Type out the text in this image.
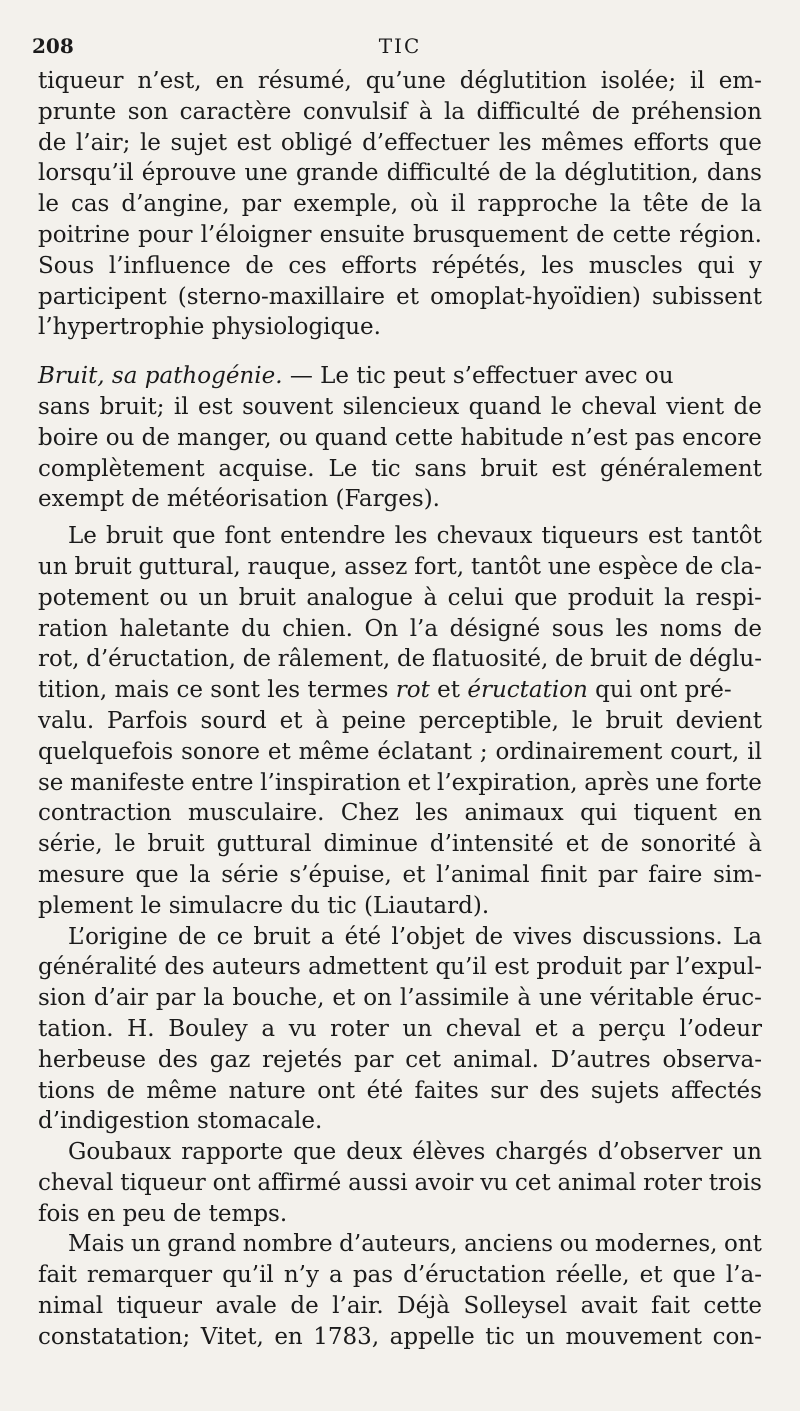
208	TIC
tiqueur n’est, en résumé, qu’une déglutition isolée; il em-
prunte son caractère convulsif à la difficulté de préhension
de l’air; le sujet est obligé d’effectuer les mêmes efforts que
lorsqu’il éprouve une grande difficulté de la déglutition, dans
le cas d’angine, par exemple, où il rapproche la tête de la
poitrine pour l’éloigner ensuite brusquement de cette région.
Sous l’influence de ces efforts répétés, les muscles qui y
participent (sterno-maxillaire et omoplat-hyoïdien) subissent
l’hypertrophie physiologique.
Bruit, sa pathogénie. — Le tic peut s’effectuer avec ou
sans bruit; il est souvent silencieux quand le cheval vient de
boire ou de manger, ou quand cette habitude n’est pas encore
complètement acquise. Le tic sans bruit est généralement
exempt de météorisation (Farges).
Le bruit que font entendre les chevaux tiqueurs est tantôt
un bruit guttural, rauque, assez fort, tantôt une espèce de cla-
potement ou un bruit analogue à celui que produit la respi-
ration haletante du chien. On l’a désigné sous les noms de
rot, d’éructation, de râlement, de flatuosité, de bruit de déglu-
tition, mais ce sont les termes rot et éructation qui ont pré-
valu. Parfois sourd et à peine perceptible, le bruit devient
quelquefois sonore et même éclatant ; ordinairement court, il
se manifeste entre l’inspiration et l’expiration, après une forte
contraction musculaire. Chez les animaux qui tiquent en
série, le bruit guttural diminue d’intensité et de sonorité à
mesure que la série s’épuise, et l’animal finit par faire sim-
plement le simulacre du tic (Liautard).
L’origine de ce bruit a été l’objet de vives discussions. La
généralité des auteurs admettent qu’il est produit par l’expul-
sion d’air par la bouche, et on l’assimile à une véritable éruc-
tation. H. Bouley a vu roter un cheval et a perçu l’odeur
herbeuse des gaz rejetés par cet animal. D’autres observa-
tions de même nature ont été faites sur des sujets affectés
d’indigestion stomacale.
Goubaux rapporte que deux élèves chargés d’observer un
cheval tiqueur ont affirmé aussi avoir vu cet animal roter trois
fois en peu de temps.
Mais un grand nombre d’auteurs, anciens ou modernes, ont
fait remarquer qu’il n’y a pas d’éructation réelle, et que l’a-
nimal tiqueur avale de l’air. Déjà Solleysel avait fait cette
constatation; Vitet, en 1783, appelle tic un mouvement con-
